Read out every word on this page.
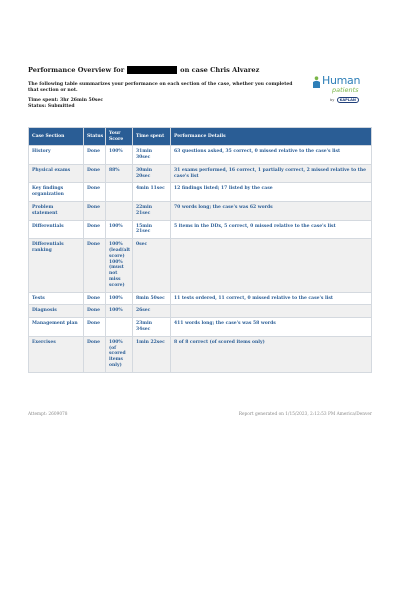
Performance Overview for	on case Chris Alvarez
The following table summarizes your performance on each section of the case, whether you completed that section or not.
Time spent: 3hr 26min 50sec
Status: Submitted
Human
patients
by KAPLAN
Case Section	Status	Your Score	Time spent	Performance Details
History	Done	100%	31min 30sec	63 questions asked, 35 correct, 0 missed relative to the case's list
Physical exams	Done	88%	30min 20sec	31 exams performed, 16 correct, 1 partially correct, 2 missed relative to the case's list
Key findings organization	Done		4min 11sec	12 findings listed; 17 listed by the case
Problem statement	Done		22min 21sec	70 words long; the case's was 62 words
Differentials	Done	100%	15min 21sec	5 items in the DDx, 5 correct, 0 missed relative to the case's list
Differentials ranking	Done	100% (lead/alt score) 100% (must not miss score)	0sec	
Tests	Done	100%	8min 50sec	11 tests ordered, 11 correct, 0 missed relative to the case's list
Diagnosis	Done	100%	26sec	
Management plan	Done		23min 34sec	411 words long; the case's was 58 words
Exercises	Done	100% (of scored items only)	1min 22sec	8 of 8 correct (of scored items only)
Attempt: 2609078	Report generated on 1/15/2023, 2:12:53 PM America/Denver
